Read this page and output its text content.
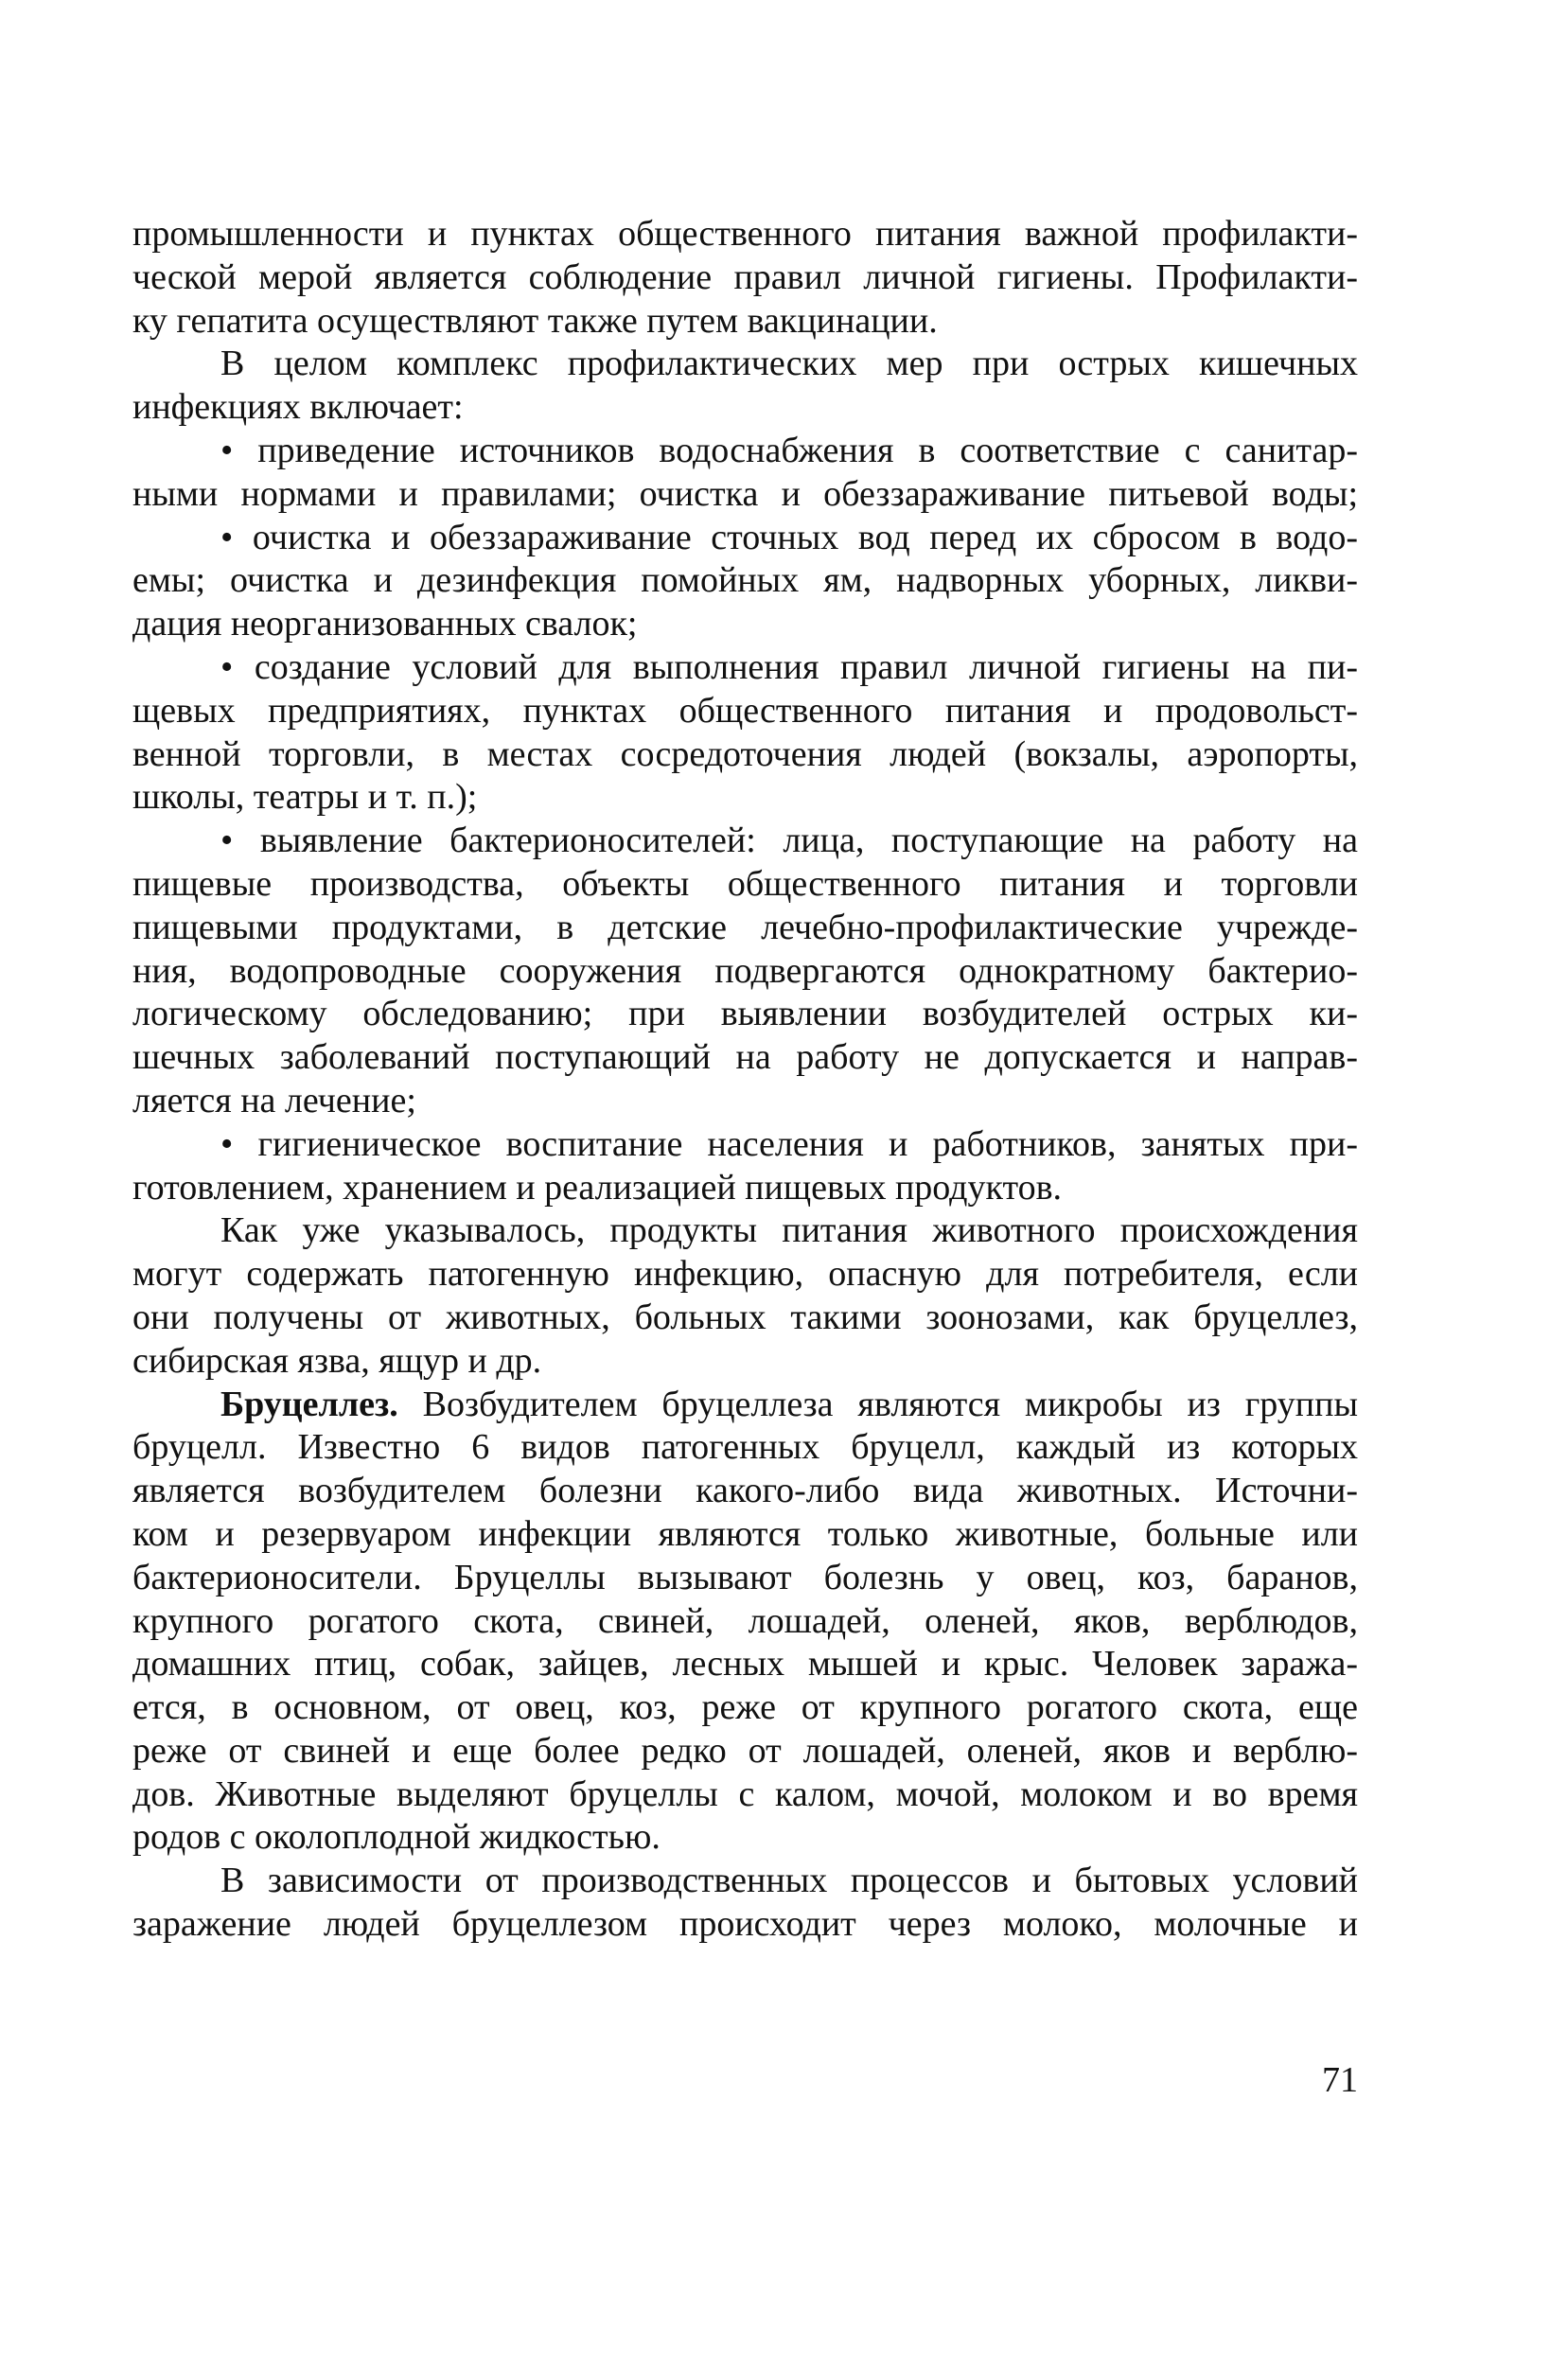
промышленности и пунктах общественного питания важной профилакти-
ческой мерой является соблюдение правил личной гигиены. Профилакти-
ку гепатита осуществляют также путем вакцинации.
В целом комплекс профилактических мер при острых кишечных
инфекциях включает:
• приведение источников водоснабжения в соответствие с санитар-
ными нормами и правилами; очистка и обеззараживание питьевой воды;
• очистка и обеззараживание сточных вод перед их сбросом в водо-
емы; очистка и дезинфекция помойных ям, надворных уборных, ликви-
дация неорганизованных свалок;
• создание условий для выполнения правил личной гигиены на пи-
щевых предприятиях, пунктах общественного питания и продовольст-
венной торговли, в местах сосредоточения людей (вокзалы, аэропорты,
школы, театры и т. п.);
• выявление бактерионосителей: лица, поступающие на работу на
пищевые производства, объекты общественного питания и торговли
пищевыми продуктами, в детские лечебно-профилактические учрежде-
ния, водопроводные сооружения подвергаются однократному бактерио-
логическому обследованию; при выявлении возбудителей острых ки-
шечных заболеваний поступающий на работу не допускается и направ-
ляется на лечение;
• гигиеническое воспитание населения и работников, занятых при-
готовлением, хранением и реализацией пищевых продуктов.
Как уже указывалось, продукты питания животного происхождения
могут содержать патогенную инфекцию, опасную для потребителя, если
они получены от животных, больных такими зоонозами, как бруцеллез,
сибирская язва, ящур и др.
Бруцеллез. Возбудителем бруцеллеза являются микробы из группы
бруцелл. Известно 6 видов патогенных бруцелл, каждый из которых
является возбудителем болезни какого-либо вида животных. Источни-
ком и резервуаром инфекции являются только животные, больные или
бактерионосители. Бруцеллы вызывают болезнь у овец, коз, баранов,
крупного рогатого скота, свиней, лошадей, оленей, яков, верблюдов,
домашних птиц, собак, зайцев, лесных мышей и крыс. Человек заража-
ется, в основном, от овец, коз, реже от крупного рогатого скота, еще
реже от свиней и еще более редко от лошадей, оленей, яков и верблю-
дов. Животные выделяют бруцеллы с калом, мочой, молоком и во время
родов с околоплодной жидкостью.
В зависимости от производственных процессов и бытовых условий
заражение людей бруцеллезом происходит через молоко, молочные и
71
